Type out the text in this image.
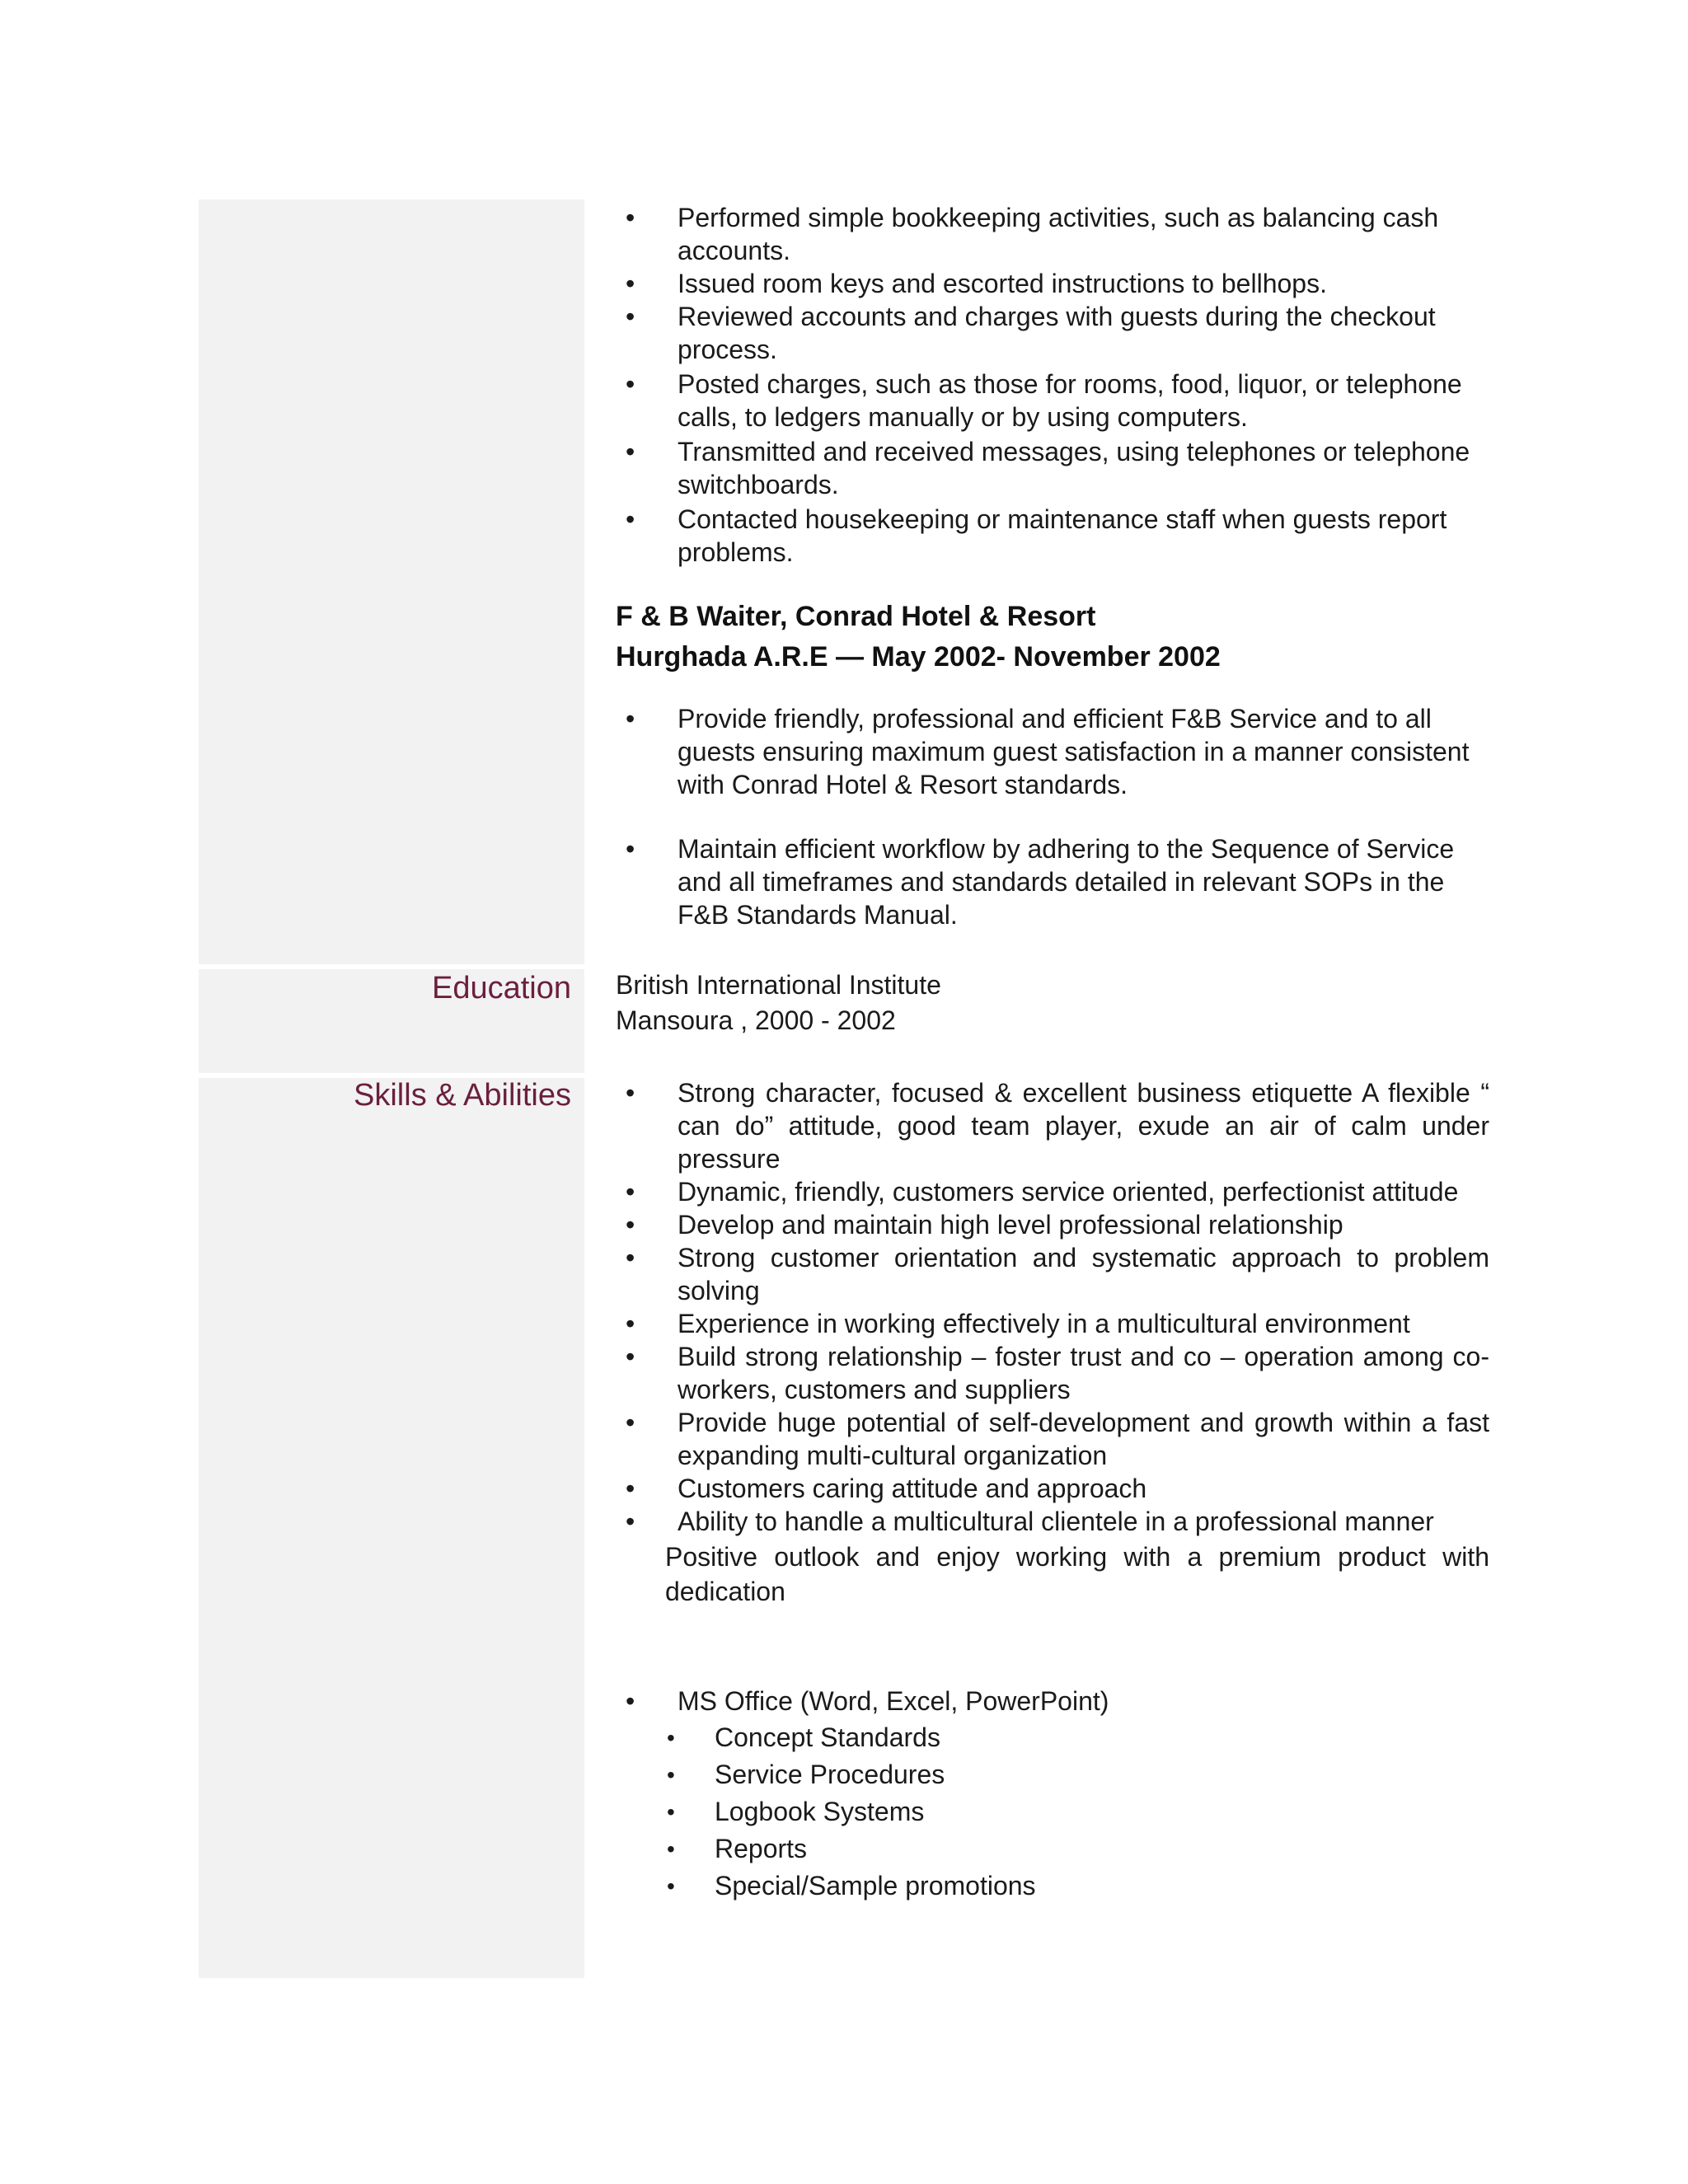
Education
Skills & Abilities
• Performed simple bookkeeping activities, such as balancing cash accounts.
• Issued room keys and escorted instructions to bellhops.
• Reviewed accounts and charges with guests during the checkout process.
• Posted charges, such as those for rooms, food, liquor, or telephone calls, to ledgers manually or by using computers.
• Transmitted and received messages, using telephones or telephone switchboards.
• Contacted housekeeping or maintenance staff when guests report problems.
F & B Waiter, Conrad Hotel & Resort
Hurghada A.R.E — May 2002- November 2002
• Provide friendly, professional and efficient F&B Service and to all guests ensuring maximum guest satisfaction in a manner consistent with Conrad Hotel & Resort standards.
• Maintain efficient workflow by adhering to the Sequence of Service and all timeframes and standards detailed in relevant SOPs in the F&B Standards Manual.
British International Institute
Mansoura , 2000 - 2002
• Strong character, focused & excellent business etiquette A flexible “ can do” attitude, good team player, exude an air of calm under pressure
• Dynamic, friendly, customers service oriented, perfectionist attitude
• Develop and maintain high level professional relationship
• Strong customer orientation and systematic approach to problem solving
• Experience in working effectively in a multicultural environment
• Build strong relationship – foster trust and co – operation among co-workers, customers and suppliers
• Provide huge potential of self-development and growth within a fast expanding multi-cultural organization
• Customers caring attitude and approach
• Ability to handle a multicultural clientele in a professional manner
Positive outlook and enjoy working with a premium product with dedication
• MS Office (Word, Excel, PowerPoint)
• Concept Standards
• Service Procedures
• Logbook Systems
• Reports
• Special/Sample promotions
